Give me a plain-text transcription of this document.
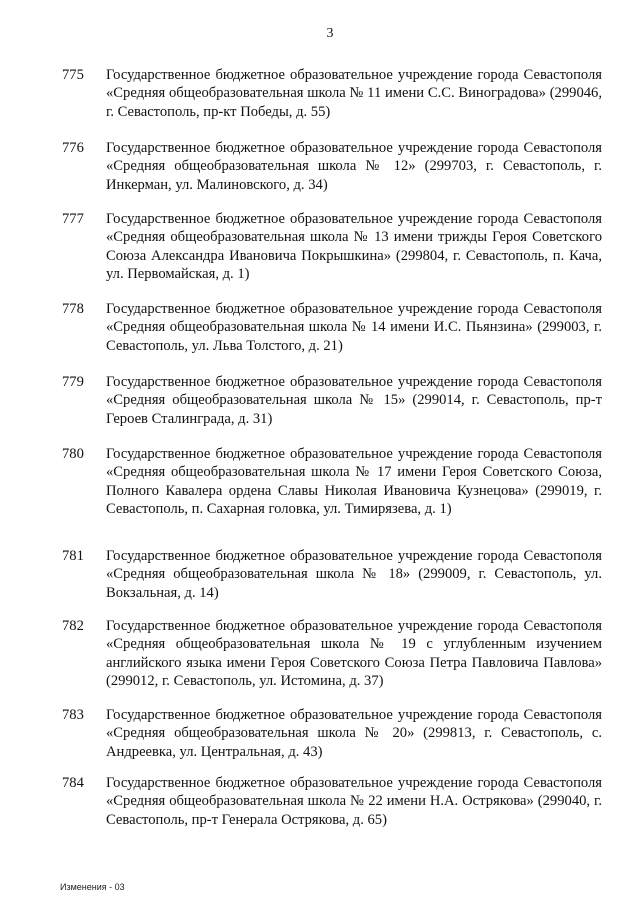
3
775	Государственное бюджетное образовательное учреждение города Севастополя «Средняя общеобразовательная школа № 11 имени С.С. Виноградова» (299046, г. Севастополь, пр-кт Победы, д. 55)
776	Государственное бюджетное образовательное учреждение города Севастополя «Средняя общеобразовательная школа № 12» (299703, г. Севастополь, г. Инкерман, ул. Малиновского, д. 34)
777	Государственное бюджетное образовательное учреждение города Севастополя «Средняя общеобразовательная школа № 13 имени трижды Героя Советского Союза Александра Ивановича Покрышкина» (299804, г. Севастополь, п. Кача, ул. Первомайская, д. 1)
778	Государственное бюджетное образовательное учреждение города Севастополя «Средняя общеобразовательная школа № 14 имени И.С. Пьянзина» (299003, г. Севастополь, ул. Льва Толстого, д. 21)
779	Государственное бюджетное образовательное учреждение города Севастополя «Средняя общеобразовательная школа № 15» (299014, г. Севастополь, пр-т Героев Сталинграда, д. 31)
780	Государственное бюджетное образовательное учреждение города Севастополя «Средняя общеобразовательная школа № 17 имени Героя Советского Союза, Полного Кавалера ордена Славы Николая Ивановича Кузнецова» (299019, г. Севастополь, п. Сахарная головка, ул. Тимирязева, д. 1)
781	Государственное бюджетное образовательное учреждение города Севастополя «Средняя общеобразовательная школа № 18» (299009, г. Севастополь, ул. Вокзальная, д. 14)
782	Государственное бюджетное образовательное учреждение города Севастополя «Средняя общеобразовательная школа № 19 с углубленным изучением английского языка имени Героя Советского Союза Петра Павловича Павлова» (299012, г. Севастополь, ул. Истомина, д. 37)
783	Государственное бюджетное образовательное учреждение города Севастополя «Средняя общеобразовательная школа № 20» (299813, г. Севастополь, с. Андреевка, ул. Центральная, д. 43)
784	Государственное бюджетное образовательное учреждение города Севастополя «Средняя общеобразовательная школа № 22 имени Н.А. Острякова» (299040, г. Севастополь, пр-т Генерала Острякова, д. 65)
Изменения - 03
